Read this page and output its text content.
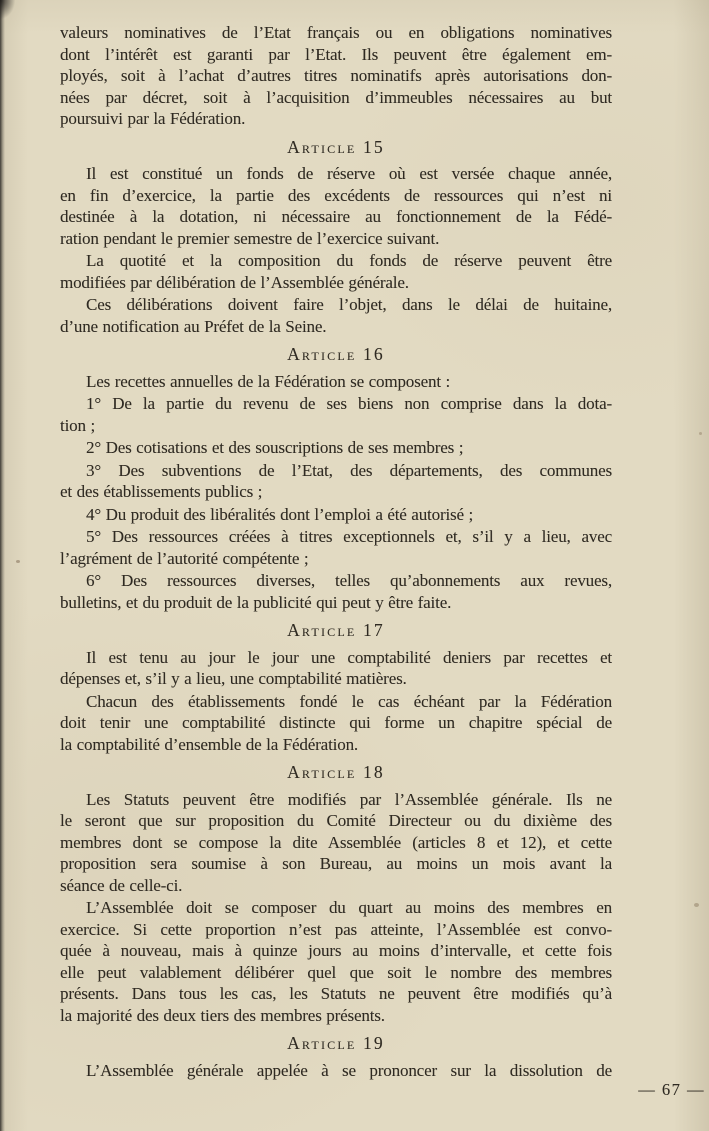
valeurs nominatives de l’Etat français ou en obligations nominatives
dont l’intérêt est garanti par l’Etat. Ils peuvent être également em-
ployés, soit à l’achat d’autres titres nominatifs après autorisations don-
nées par décret, soit à l’acquisition d’immeubles nécessaires au but
poursuivi par la Fédération.

Article 15

Il est constitué un fonds de réserve où est versée chaque année,
en fin d’exercice, la partie des excédents de ressources qui n’est ni
destinée à la dotation, ni nécessaire au fonctionnement de la Fédé-
ration pendant le premier semestre de l’exercice suivant.

La quotité et la composition du fonds de réserve peuvent être
modifiées par délibération de l’Assemblée générale.

Ces délibérations doivent faire l’objet, dans le délai de huitaine,
d’une notification au Préfet de la Seine.

Article 16

Les recettes annuelles de la Fédération se composent :

1° De la partie du revenu de ses biens non comprise dans la dota-
tion ;

2° Des cotisations et des souscriptions de ses membres ;

3° Des subventions de l’Etat, des départements, des communes
et des établissements publics ;

4° Du produit des libéralités dont l’emploi a été autorisé ;

5° Des ressources créées à titres exceptionnels et, s’il y a lieu, avec
l’agrément de l’autorité compétente ;

6° Des ressources diverses, telles qu’abonnements aux revues,
bulletins, et du produit de la publicité qui peut y être faite.

Article 17

Il est tenu au jour le jour une comptabilité deniers par recettes et
dépenses et, s’il y a lieu, une comptabilité matières.

Chacun des établissements fondé le cas échéant par la Fédération
doit tenir une comptabilité distincte qui forme un chapitre spécial de
la comptabilité d’ensemble de la Fédération.

Article 18

Les Statuts peuvent être modifiés par l’Assemblée générale. Ils ne
le seront que sur proposition du Comité Directeur ou du dixième des
membres dont se compose la dite Assemblée (articles 8 et 12), et cette
proposition sera soumise à son Bureau, au moins un mois avant la
séance de celle-ci.

L’Assemblée doit se composer du quart au moins des membres en
exercice. Si cette proportion n’est pas atteinte, l’Assemblée est convo-
quée à nouveau, mais à quinze jours au moins d’intervalle, et cette fois
elle peut valablement délibérer quel que soit le nombre des membres
présents. Dans tous les cas, les Statuts ne peuvent être modifiés qu’à
la majorité des deux tiers des membres présents.

Article 19

L’Assemblée générale appelée à se prononcer sur la dissolution de

— 67 —
